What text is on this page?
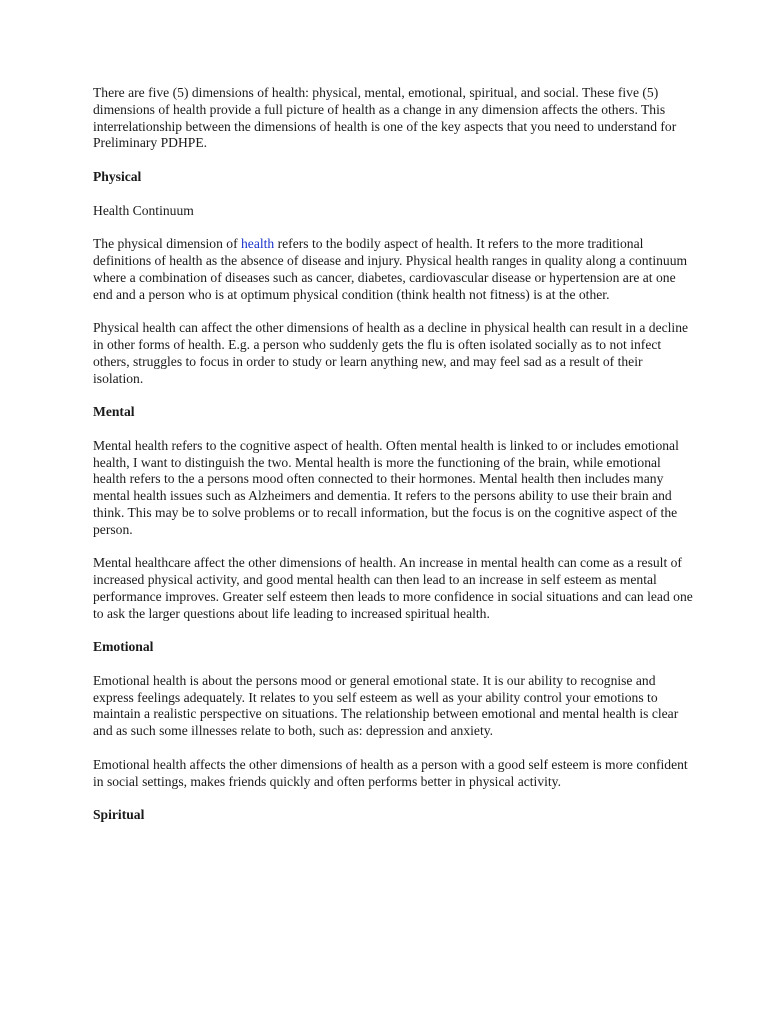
There are five (5) dimensions of health: physical, mental, emotional, spiritual, and social. These five (5) dimensions of health provide a full picture of health as a change in any dimension affects the others. This interrelationship between the dimensions of health is one of the key aspects that you need to understand for Preliminary PDHPE.

Physical

Health Continuum

The physical dimension of health refers to the bodily aspect of health. It refers to the more traditional definitions of health as the absence of disease and injury. Physical health ranges in quality along a continuum where a combination of diseases such as cancer, diabetes, cardiovascular disease or hypertension are at one end and a person who is at optimum physical condition (think health not fitness) is at the other.

Physical health can affect the other dimensions of health as a decline in physical health can result in a decline in other forms of health. E.g. a person who suddenly gets the flu is often isolated socially as to not infect others, struggles to focus in order to study or learn anything new, and may feel sad as a result of their isolation.

Mental

Mental health refers to the cognitive aspect of health. Often mental health is linked to or includes emotional health, I want to distinguish the two. Mental health is more the functioning of the brain, while emotional health refers to the a persons mood often connected to their hormones. Mental health then includes many mental health issues such as Alzheimers and dementia. It refers to the persons ability to use their brain and think. This may be to solve problems or to recall information, but the focus is on the cognitive aspect of the person.

Mental healthcare affect the other dimensions of health. An increase in mental health can come as a result of increased physical activity, and good mental health can then lead to an increase in self esteem as mental performance improves. Greater self esteem then leads to more confidence in social situations and can lead one to ask the larger questions about life leading to increased spiritual health.

Emotional

Emotional health is about the persons mood or general emotional state. It is our ability to recognise and express feelings adequately. It relates to you self esteem as well as your ability control your emotions to maintain a realistic perspective on situations. The relationship between emotional and mental health is clear and as such some illnesses relate to both, such as: depression and anxiety.

Emotional health affects the other dimensions of health as a person with a good self esteem is more confident in social settings, makes friends quickly and often performs better in physical activity.

Spiritual
